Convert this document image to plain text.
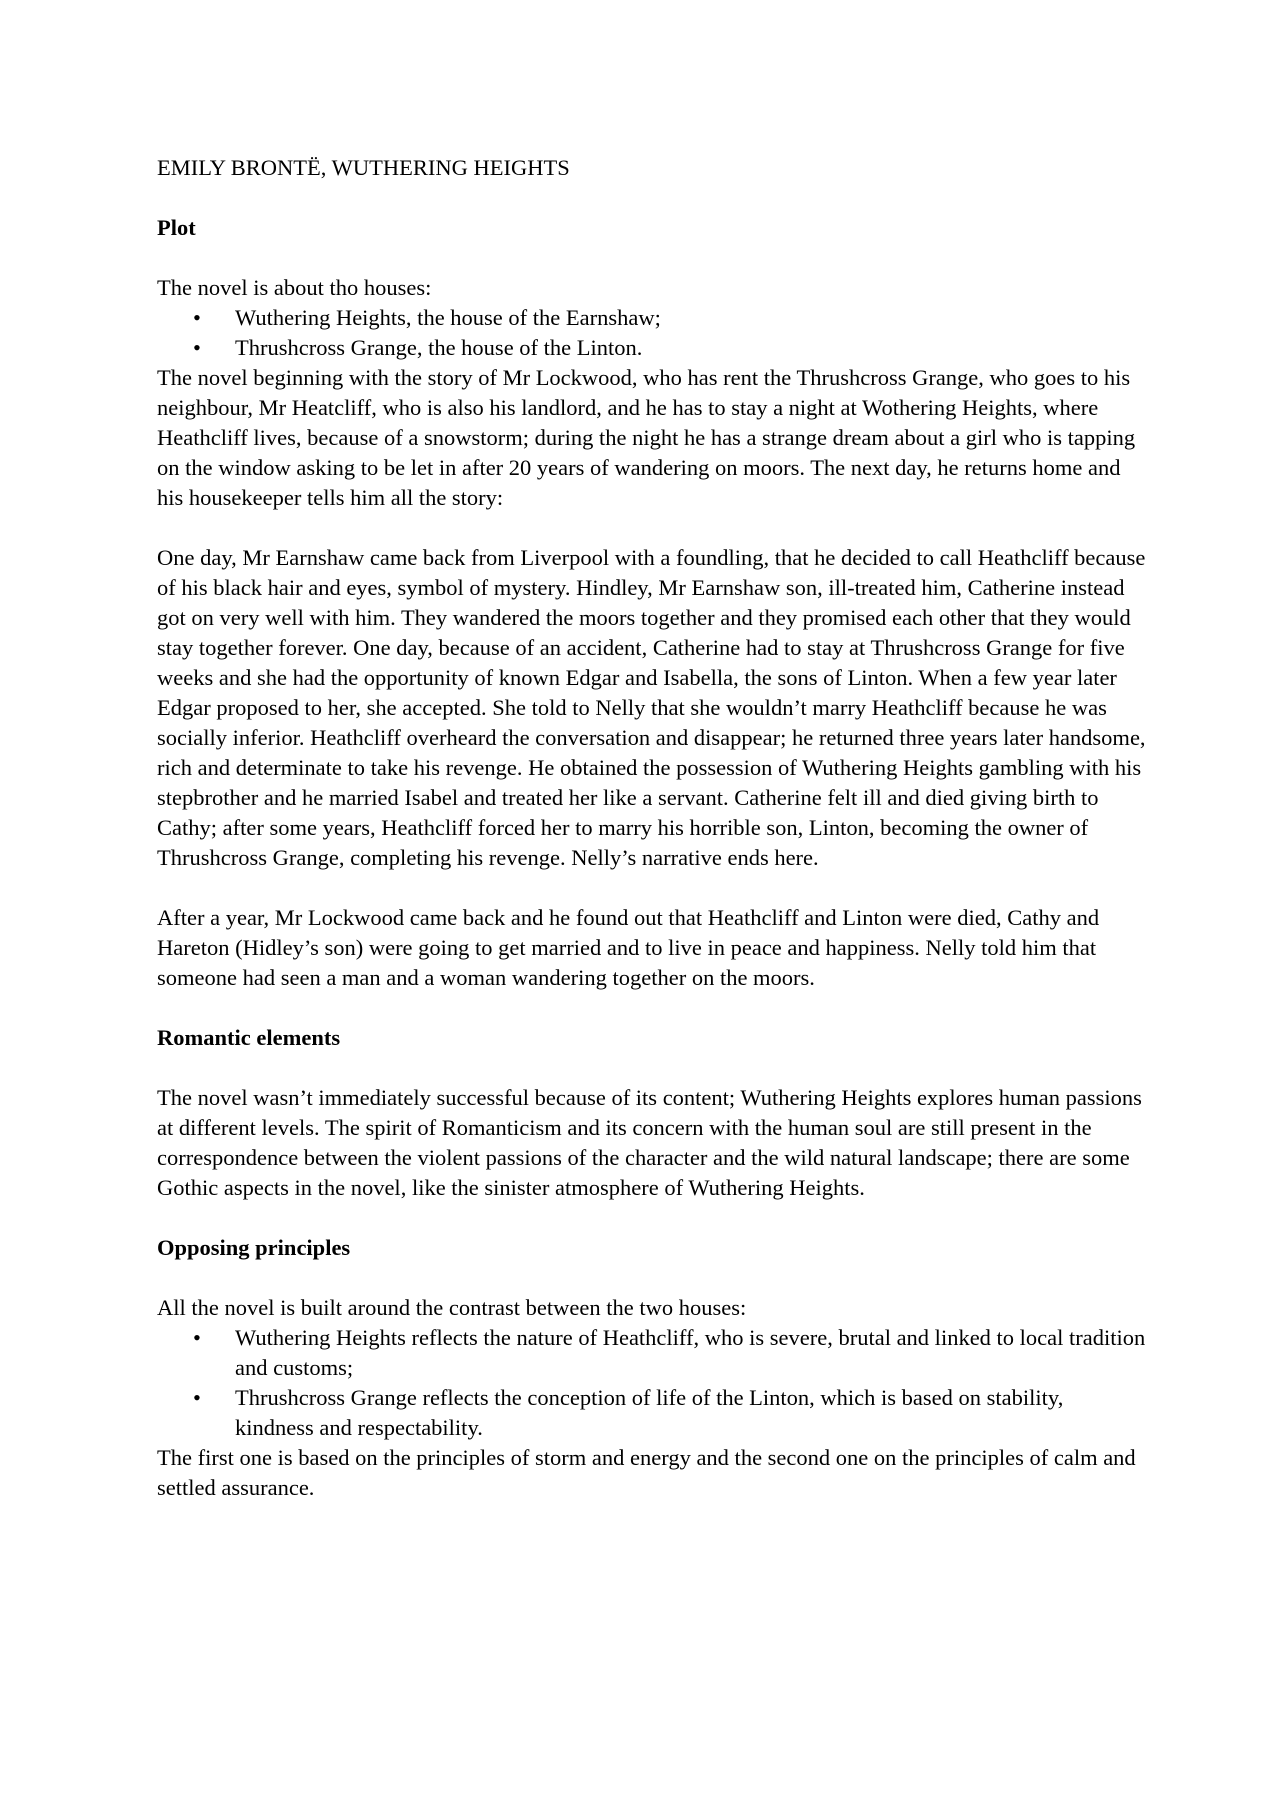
EMILY BRONTË, WUTHERING HEIGHTS

Plot

The novel is about tho houses:

• Wuthering Heights, the house of the Earnshaw;
• Thrushcross Grange, the house of the Linton.

The novel beginning with the story of Mr Lockwood, who has rent the Thrushcross Grange, who goes to his neighbour, Mr Heatcliff, who is also his landlord, and he has to stay a night at Wothering Heights, where Heathcliff lives, because of a snowstorm; during the night he has a strange dream about a girl who is tapping on the window asking to be let in after 20 years of wandering on moors. The next day, he returns home and his housekeeper tells him all the story:

One day, Mr Earnshaw came back from Liverpool with a foundling, that he decided to call Heathcliff because of his black hair and eyes, symbol of mystery. Hindley, Mr Earnshaw son, ill-treated him, Catherine instead got on very well with him. They wandered the moors together and they promised each other that they would stay together forever. One day, because of an accident, Catherine had to stay at Thrushcross Grange for five weeks and she had the opportunity of known Edgar and Isabella, the sons of Linton. When a few year later Edgar proposed to her, she accepted. She told to Nelly that she wouldn’t marry Heathcliff because he was socially inferior. Heathcliff overheard the conversation and disappear; he returned three years later handsome, rich and determinate to take his revenge. He obtained the possession of Wuthering Heights gambling with his stepbrother and he married Isabel and treated her like a servant. Catherine felt ill and died giving birth to Cathy; after some years, Heathcliff forced her to marry his horrible son, Linton, becoming the owner of Thrushcross Grange, completing his revenge. Nelly’s narrative ends here.

After a year, Mr Lockwood came back and he found out that Heathcliff and Linton were died, Cathy and Hareton (Hidley’s son) were going to get married and to live in peace and happiness. Nelly told him that someone had seen a man and a woman wandering together on the moors.

Romantic elements

The novel wasn’t immediately successful because of its content; Wuthering Heights explores human passions at different levels. The spirit of Romanticism and its concern with the human soul are still present in the correspondence between the violent passions of the character and the wild natural landscape; there are some Gothic aspects in the novel, like the sinister atmosphere of Wuthering Heights.

Opposing principles

All the novel is built around the contrast between the two houses:

• Wuthering Heights reflects the nature of Heathcliff, who is severe, brutal and linked to local tradition and customs;
• Thrushcross Grange reflects the conception of life of the Linton, which is based on stability, kindness and respectability.

The first one is based on the principles of storm and energy and the second one on the principles of calm and settled assurance.
